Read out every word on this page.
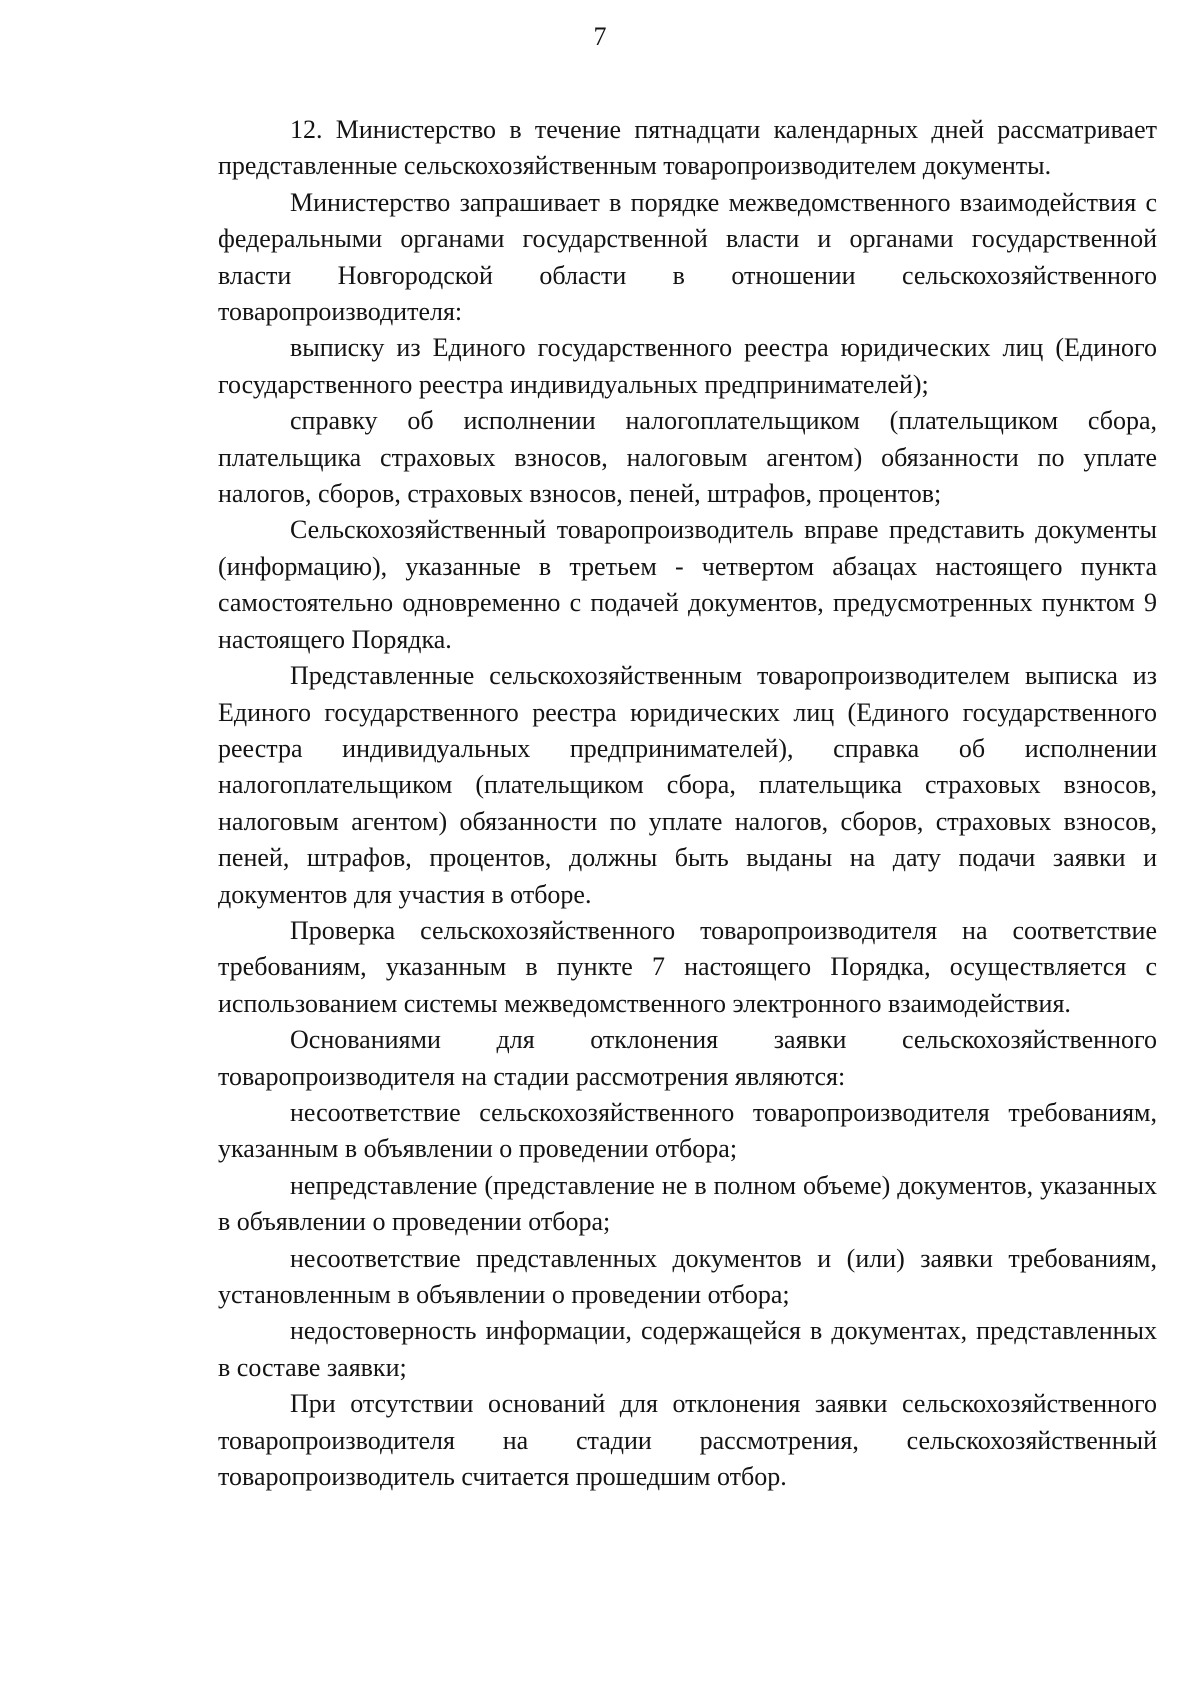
7

12. Министерство в течение пятнадцати календарных дней рассматривает представленные сельскохозяйственным товаропроизводителем документы.

Министерство запрашивает в порядке межведомственного взаимодействия с федеральными органами государственной власти и органами государственной власти Новгородской области в отношении сельскохозяйственного товаропроизводителя:

выписку из Единого государственного реестра юридических лиц (Единого государственного реестра индивидуальных предпринимателей);

справку об исполнении налогоплательщиком (плательщиком сбора, плательщика страховых взносов, налоговым агентом) обязанности по уплате налогов, сборов, страховых взносов, пеней, штрафов, процентов;

Сельскохозяйственный товаропроизводитель вправе представить документы (информацию), указанные в третьем - четвертом абзацах настоящего пункта самостоятельно одновременно с подачей документов, предусмотренных пунктом 9 настоящего Порядка.

Представленные сельскохозяйственным товаропроизводителем выписка из Единого государственного реестра юридических лиц (Единого государственного реестра индивидуальных предпринимателей), справка об исполнении налогоплательщиком (плательщиком сбора, плательщика страховых взносов, налоговым агентом) обязанности по уплате налогов, сборов, страховых взносов, пеней, штрафов, процентов, должны быть выданы на дату подачи заявки и документов для участия в отборе.

Проверка сельскохозяйственного товаропроизводителя на соответствие требованиям, указанным в пункте 7 настоящего Порядка, осуществляется с использованием системы межведомственного электронного взаимодействия.

Основаниями для отклонения заявки сельскохозяйственного товаропроизводителя на стадии рассмотрения являются:

несоответствие сельскохозяйственного товаропроизводителя требованиям, указанным в объявлении о проведении отбора;

непредставление (представление не в полном объеме) документов, указанных в объявлении о проведении отбора;

несоответствие представленных документов и (или) заявки требованиям, установленным в объявлении о проведении отбора;

недостоверность информации, содержащейся в документах, представленных в составе заявки;

При отсутствии оснований для отклонения заявки сельскохозяйственного товаропроизводителя на стадии рассмотрения, сельскохозяйственный товаропроизводитель считается прошедшим отбор.
